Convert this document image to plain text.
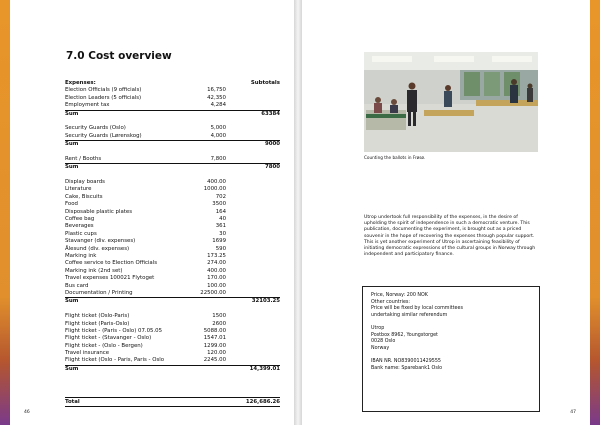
7.0 Cost overview
Expenses:	Subtotals
Election Officials (9 officials)	16,750
Election Leaders (5 officials)	42,350
Employment tax	4,284
Sum	63384
Security Guards (Oslo)	5,000
Security Guards (Lørenskog)	4,000
Sum	9000
Rent / Booths	7,800
Sum	7800
Display boards	400.00
Literature	1000.00
Cake, Biscuits	702
Food	3500
Disposable plastic plates	164
Coffee bag	40
Beverages	361
Plastic cups	30
Stavanger (div. expenses)	1699
Ålesund (div. expenses)	590
Marking ink	173.25
Coffee service to Election Officials	274.00
Marking ink (2nd set)	400.00
Travel expenses 100021 Flytoget	170.00
Bus card	100.00
Documentation / Printing	22500.00
Sum	32103.25
Flight ticket (Oslo-Paris)	1500
Flight ticket (Paris-Oslo)	2600
Flight ticket - (Paris - Oslo) 07.05.05	5088.00
Flight ticket - (Stavanger - Oslo)	1547.01
Flight ticket - (Oslo - Bergen)	1299.00
Travel insurance	120.00
Flight ticket (Oslo - Paris, Paris - Oslo	2245.00
Sum	14,399.01
Total	126,686.26
46
Counting the ballots in Frøsø.

Utrop undertook full responsibility of the expenses, in the desire of upholding the spirit of independence in such a democratic venture. This publication, documenting the experiment, is brought out as a priced souvenir in the hope of recovering the expenses through popular support. This is yet another experiment of Utrop in ascertaining feasibility of initiating democratic expressions of the cultural groups in Norway through independent and participatory finance.

Price, Norway: 200 NOK
Other countries:
Price will be fixed by local committees
undertaking similar referendum
Utrop
Postbox 8962, Youngstorget
0028 Oslo
Norway
IBAN NR. NO8390011429555
Bank name: Sparebank1 Oslo
47
